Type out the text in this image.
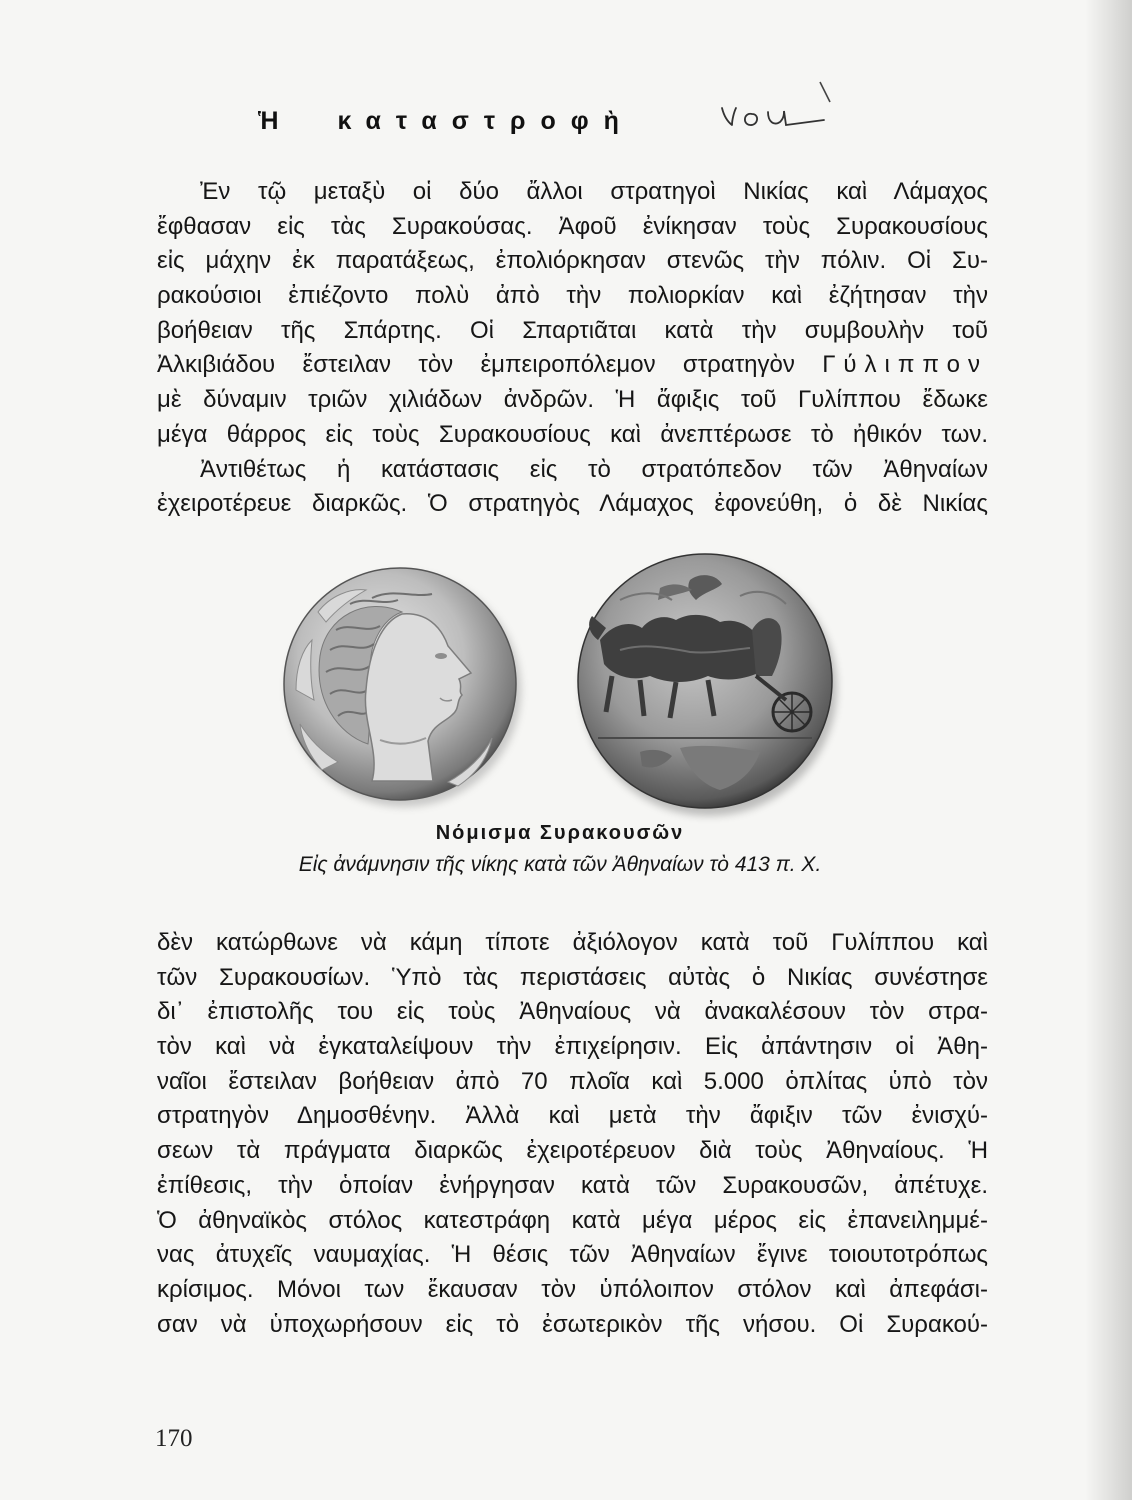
Ἡ καταστροφὴ
Ἐν τῷ μεταξὺ οἱ δύο ἄλλοι στρατηγοὶ Νικίας καὶ Λάμαχος
ἔφθασαν εἰς τὰς Συρακούσας. Ἀφοῦ ἐνίκησαν τοὺς Συρακουσίους
εἰς μάχην ἐκ παρατάξεως, ἐπολιόρκησαν στενῶς τὴν πόλιν. Οἱ Συ-
ρακούσιοι ἐπιέζοντο πολὺ ἀπὸ τὴν πολιορκίαν καὶ ἐζήτησαν τὴν
βοήθειαν τῆς Σπάρτης. Οἱ Σπαρτιᾶται κατὰ τὴν συμβουλὴν τοῦ
Ἀλκιβιάδου ἔστειλαν τὸν ἐμπειροπόλεμον στρατηγὸν Γύλιππον
μὲ δύναμιν τριῶν χιλιάδων ἀνδρῶν. Ἡ ἄφιξις τοῦ Γυλίππου ἔδωκε
μέγα θάρρος εἰς τοὺς Συρακουσίους καὶ ἀνεπτέρωσε τὸ ἠθικόν των.
Ἀντιθέτως ἡ κατάστασις εἰς τὸ στρατόπεδον τῶν Ἀθηναίων
ἐχειροτέρευε διαρκῶς. Ὁ στρατηγὸς Λάμαχος ἐφονεύθη, ὁ δὲ Νικίας
Νόμισμα Συρακουσῶν
Εἰς ἀνάμνησιν τῆς νίκης κατὰ τῶν Ἀθηναίων τὸ 413 π. Χ.
δὲν κατώρθωνε νὰ κάμη τίποτε ἀξιόλογον κατὰ τοῦ Γυλίππου καὶ
τῶν Συρακουσίων. Ὑπὸ τὰς περιστάσεις αὐτὰς ὁ Νικίας συνέστησε
δι᾿ ἐπιστολῆς του εἰς τοὺς Ἀθηναίους νὰ ἀνακαλέσουν τὸν στρα-
τὸν καὶ νὰ ἐγκαταλείψουν τὴν ἐπιχείρησιν. Εἰς ἀπάντησιν οἱ Ἀθη-
ναῖοι ἔστειλαν βοήθειαν ἀπὸ 70 πλοῖα καὶ 5.000 ὁπλίτας ὑπὸ τὸν
στρατηγὸν Δημοσθένην. Ἀλλὰ καὶ μετὰ τὴν ἄφιξιν τῶν ἐνισχύ-
σεων τὰ πράγματα διαρκῶς ἐχειροτέρευον διὰ τοὺς Ἀθηναίους. Ἡ
ἐπίθεσις, τὴν ὁποίαν ἐνήργησαν κατὰ τῶν Συρακουσῶν, ἀπέτυχε.
Ὁ ἀθηναϊκὸς στόλος κατεστράφη κατὰ μέγα μέρος εἰς ἐπανειλημμέ-
νας ἀτυχεῖς ναυμαχίας. Ἡ θέσις τῶν Ἀθηναίων ἔγινε τοιουτοτρόπως
κρίσιμος. Μόνοι των ἔκαυσαν τὸν ὑπόλοιπον στόλον καὶ ἀπεφάσι-
σαν νὰ ὑποχωρήσουν εἰς τὸ ἐσωτερικὸν τῆς νήσου. Οἱ Συρακού-
170
